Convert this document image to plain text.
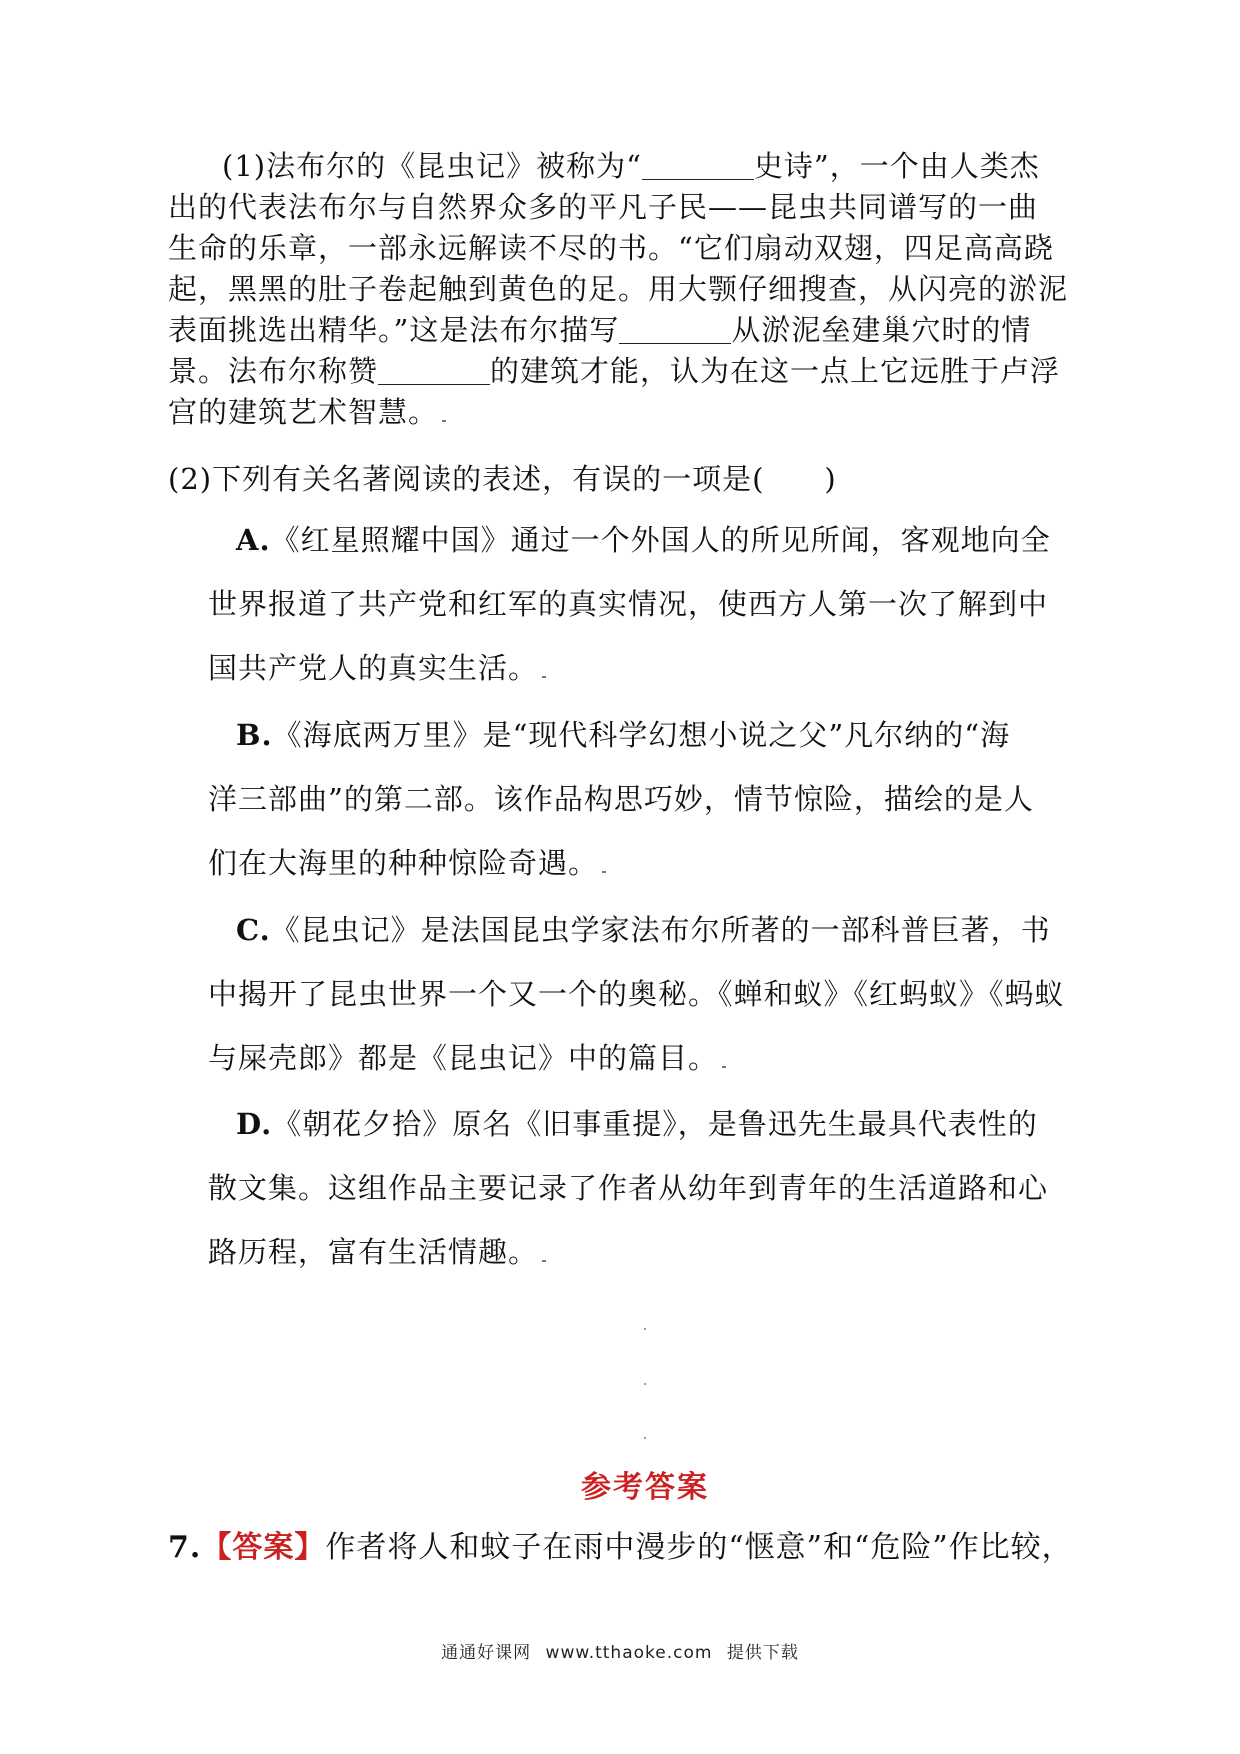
(1)法布尔的《昆虫记》被称为“	史诗”，一个由人类杰
出的代表法布尔与自然界众多的平凡子民——昆虫共同谱写的一曲
生命的乐章，一部永远解读不尽的书。“它们扇动双翅，四足高高跷
起，黑黑的肚子卷起触到黄色的足。用大颚仔细搜查，从闪亮的淤泥
表面挑选出精华。”这是法布尔描写	从淤泥垒建巢穴时的情
景。法布尔称赞	的建筑才能，认为在这一点上它远胜于卢浮
宫的建筑艺术智慧。
(2)下列有关名著阅读的表述，有误的一项是(　　)
A.《红星照耀中国》通过一个外国人的所见所闻，客观地向全
世界报道了共产党和红军的真实情况，使西方人第一次了解到中
国共产党人的真实生活。
B.《海底两万里》是“现代科学幻想小说之父”凡尔纳的“海
洋三部曲”的第二部。该作品构思巧妙，情节惊险，描绘的是人
们在大海里的种种惊险奇遇。
C.《昆虫记》是法国昆虫学家法布尔所著的一部科普巨著，书
中揭开了昆虫世界一个又一个的奥秘。《蝉和蚁》《红蚂蚁》《蚂蚁
与屎壳郎》都是《昆虫记》中的篇目。
D.《朝花夕拾》原名《旧事重提》，是鲁迅先生最具代表性的
散文集。这组作品主要记录了作者从幼年到青年的生活道路和心
路历程，富有生活情趣。
参考答案
7.【答案】作者将人和蚊子在雨中漫步的“惬意”和“危险”作比较，
通通好课网 www.tthaoke.com 提供下载
